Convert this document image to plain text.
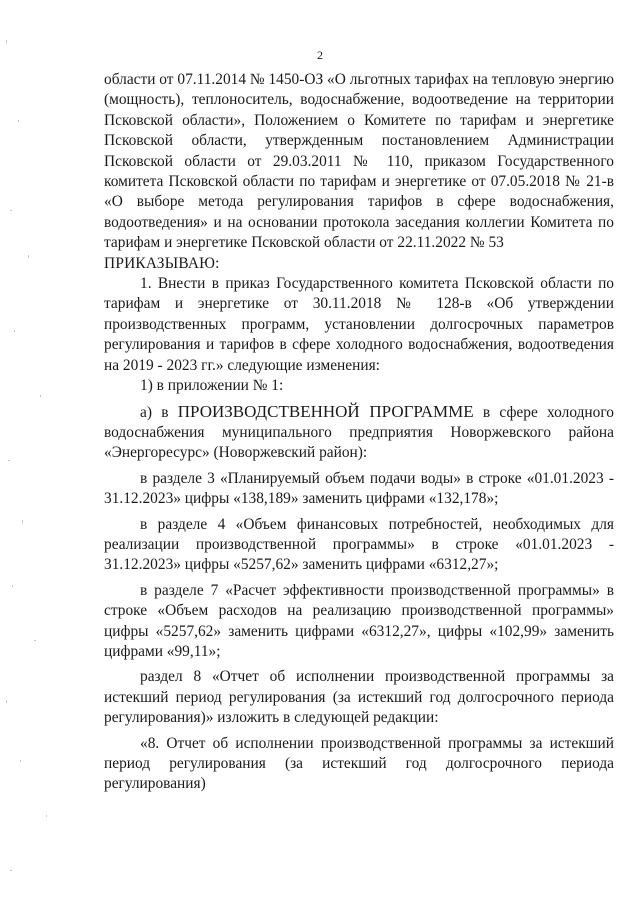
2

области от 07.11.2014 № 1450-ОЗ «О льготных тарифах на тепловую энергию (мощность), теплоноситель, водоснабжение, водоотведение на территории Псковской области», Положением о Комитете по тарифам и энергетике Псковской области, утвержденным постановлением Администрации Псковской области от 29.03.2011 № 110, приказом Государственного комитета Псковской области по тарифам и энергетике от 07.05.2018 № 21-в «О выборе метода регулирования тарифов в сфере водоснабжения, водоотведения» и на основании протокола заседания коллегии Комитета по тарифам и энергетике Псковской области от 22.11.2022 № 53

ПРИКАЗЫВАЮ:

1. Внести в приказ Государственного комитета Псковской области по тарифам и энергетике от 30.11.2018 № 128-в «Об утверждении производственных программ, установлении долгосрочных параметров регулирования и тарифов в сфере холодного водоснабжения, водоотведения на 2019 - 2023 гг.» следующие изменения:

1) в приложении № 1:

а) в ПРОИЗВОДСТВЕННОЙ ПРОГРАММЕ в сфере холодного водоснабжения муниципального предприятия Новоржевского района «Энергоресурс» (Новоржевский район):

в разделе 3 «Планируемый объем подачи воды» в строке «01.01.2023 - 31.12.2023» цифры «138,189» заменить цифрами «132,178»;

в разделе 4 «Объем финансовых потребностей, необходимых для реализации производственной программы» в строке «01.01.2023 - 31.12.2023» цифры «5257,62» заменить цифрами «6312,27»;

в разделе 7 «Расчет эффективности производственной программы» в строке «Объем расходов на реализацию производственной программы» цифры «5257,62» заменить цифрами «6312,27», цифры «102,99» заменить цифрами «99,11»;

раздел 8 «Отчет об исполнении производственной программы за истекший период регулирования (за истекший год долгосрочного периода регулирования)» изложить в следующей редакции:

«8. Отчет об исполнении производственной программы за истекший период регулирования (за истекший год долгосрочного периода регулирования)
